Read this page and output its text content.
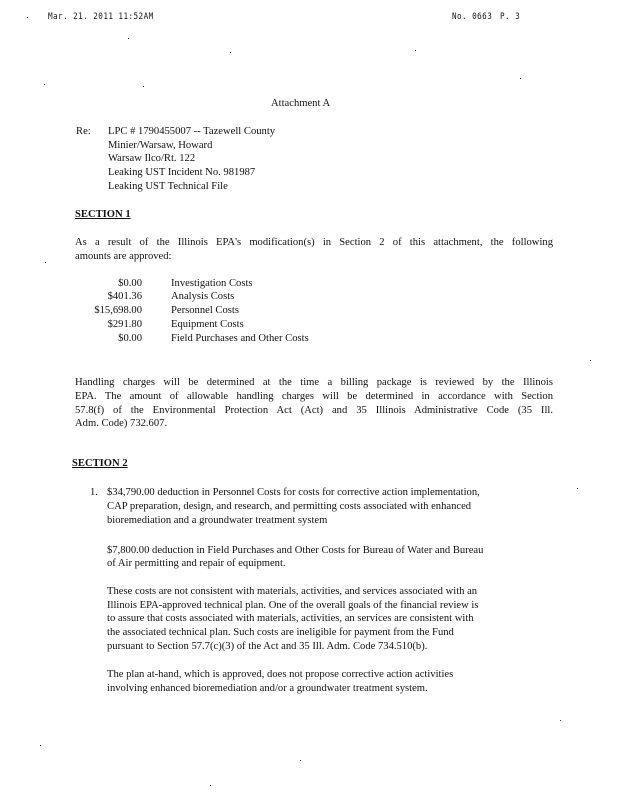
Mar. 21. 2011 11:52AM	No. 0663 P. 3
Attachment A
Re: LPC # 1790455007 -- Tazewell County
Minier/Warsaw, Howard
Warsaw Ilco/Rt. 122
Leaking UST Incident No. 981987
Leaking UST Technical File
SECTION 1
As a result of the Illinois EPA's modification(s) in Section 2 of this attachment, the following
amounts are approved:
$0.00	Investigation Costs
$401.36	Analysis Costs
$15,698.00	Personnel Costs
$291.80	Equipment Costs
$0.00	Field Purchases and Other Costs
Handling charges will be determined at the time a billing package is reviewed by the Illinois
EPA. The amount of allowable handling charges will be determined in accordance with Section
57.8(f) of the Environmental Protection Act (Act) and 35 Illinois Administrative Code (35 Ill.
Adm. Code) 732.607.
SECTION 2
1. $34,790.00 deduction in Personnel Costs for costs for corrective action implementation,
CAP preparation, design, and research, and permitting costs associated with enhanced
bioremediation and a groundwater treatment system
$7,800.00 deduction in Field Purchases and Other Costs for Bureau of Water and Bureau
of Air permitting and repair of equipment.
These costs are not consistent with materials, activities, and services associated with an
Illinois EPA-approved technical plan. One of the overall goals of the financial review is
to assure that costs associated with materials, activities, an services are consistent with
the associated technical plan. Such costs are ineligible for payment from the Fund
pursuant to Section 57.7(c)(3) of the Act and 35 Ill. Adm. Code 734.510(b).
The plan at-hand, which is approved, does not propose corrective action activities
involving enhanced bioremediation and/or a groundwater treatment system.
